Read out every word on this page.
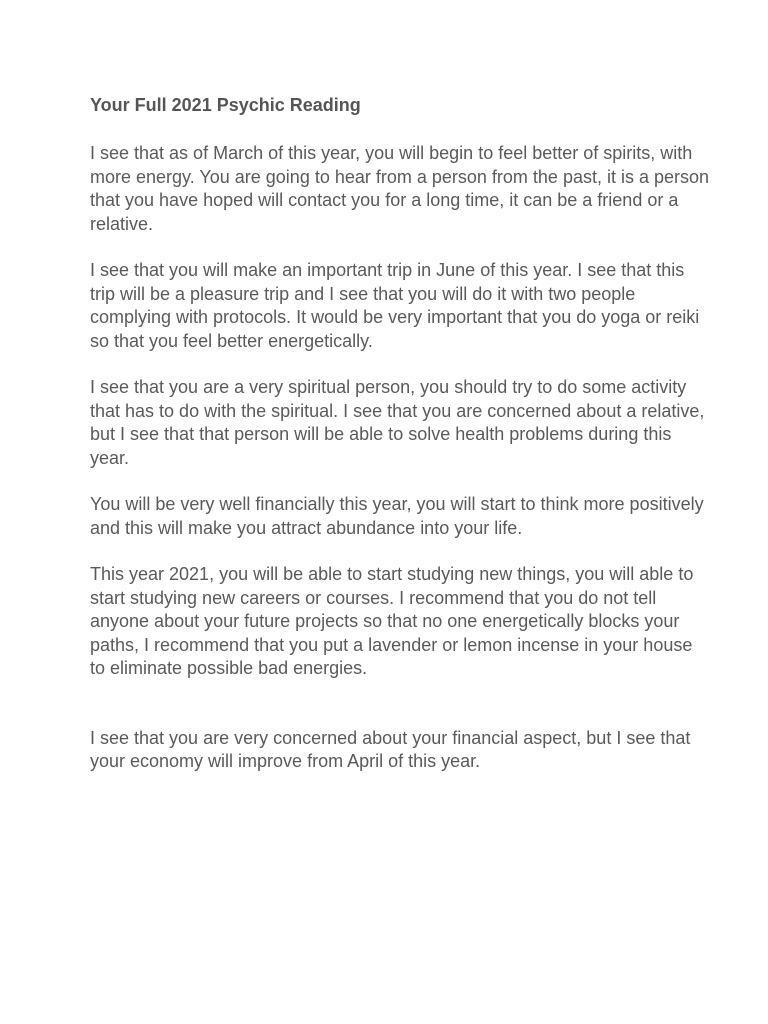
Your Full 2021 Psychic Reading

I see that as of March of this year, you will begin to feel better of spirits, with more energy. You are going to hear from a person from the past, it is a person that you have hoped will contact you for a long time, it can be a friend or a relative.

I see that you will make an important trip in June of this year. I see that this trip will be a pleasure trip and I see that you will do it with two people complying with protocols. It would be very important that you do yoga or reiki so that you feel better energetically.

I see that you are a very spiritual person, you should try to do some activity that has to do with the spiritual. I see that you are concerned about a relative, but I see that that person will be able to solve health problems during this year.

You will be very well financially this year, you will start to think more positively and this will make you attract abundance into your life.

This year 2021, you will be able to start studying new things, you will able to start studying new careers or courses. I recommend that you do not tell anyone about your future projects so that no one energetically blocks your paths, I recommend that you put a lavender or lemon incense in your house to eliminate possible bad energies.

I see that you are very concerned about your financial aspect, but I see that your economy will improve from April of this year.
